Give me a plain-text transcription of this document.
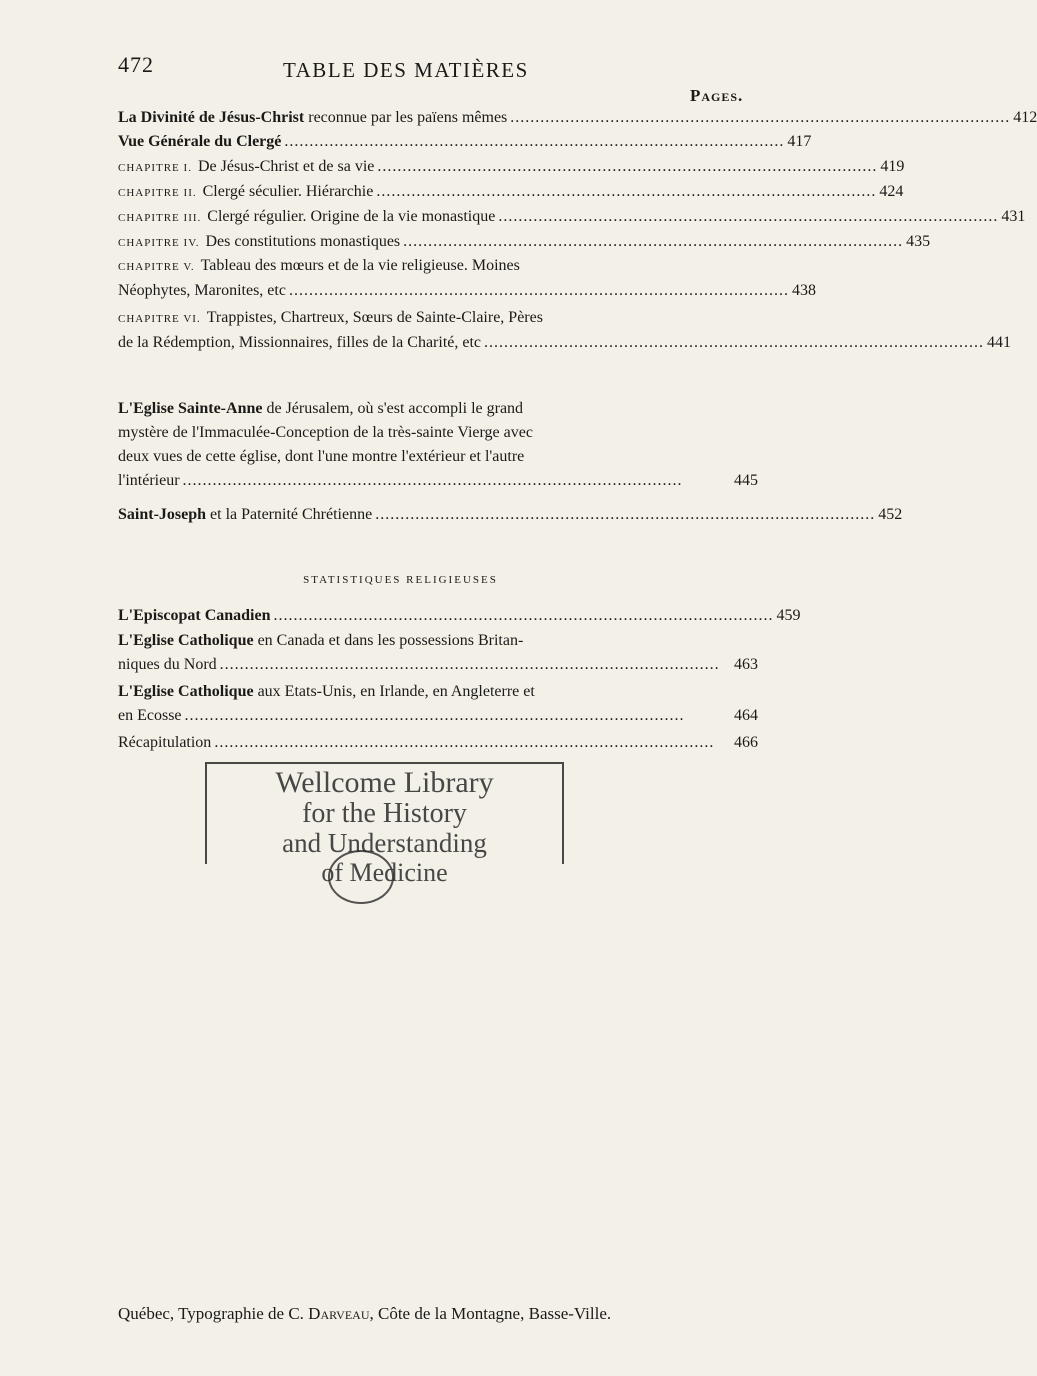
472	TABLE DES MATIÈRES
Pages.
La Divinité de Jésus-Christ reconnue par les païens mêmes .................................................................................................... 412
Vue Générale du Clergé .................................................................................................... 417
CHAPITRE I. De Jésus-Christ et de sa vie .................................................................................................... 419
CHAPITRE II. Clergé séculier. Hiérarchie .................................................................................................... 424
CHAPITRE III. Clergé régulier. Origine de la vie monastique .................................................................................................... 431
CHAPITRE IV. Des constitutions monastiques .................................................................................................... 435
CHAPITRE V. Tableau des mœurs et de la vie religieuse. Moines
Néophytes, Maronites, etc .................................................................................................... 438
CHAPITRE VI. Trappistes, Chartreux, Sœurs de Sainte-Claire, Pères
de la Rédemption, Missionnaires, filles de la Charité, etc .................................................................................................... 441
L'Eglise Sainte-Anne de Jérusalem, où s'est accompli le grand
mystère de l'Immaculée-Conception de la très-sainte Vierge avec
deux vues de cette église, dont l'une montre l'extérieur et l'autre
l'intérieur ....................................................................................................	445
Saint-Joseph et la Paternité Chrétienne .................................................................................................... 452
STATISTIQUES RELIGIEUSES
L'Episcopat Canadien .................................................................................................... 459
L'Eglise Catholique en Canada et dans les possessions Britan-
niques du Nord .................................................................................................... 463
L'Eglise Catholique aux Etats-Unis, en Irlande, en Angleterre et
en Ecosse ....................................................................................................	464
Récapitulation ....................................................................................................	466
Wellcome Library
for the History
and Understanding
of Medicine
Québec, Typographie de C. Darveau, Côte de la Montagne, Basse-Ville.
